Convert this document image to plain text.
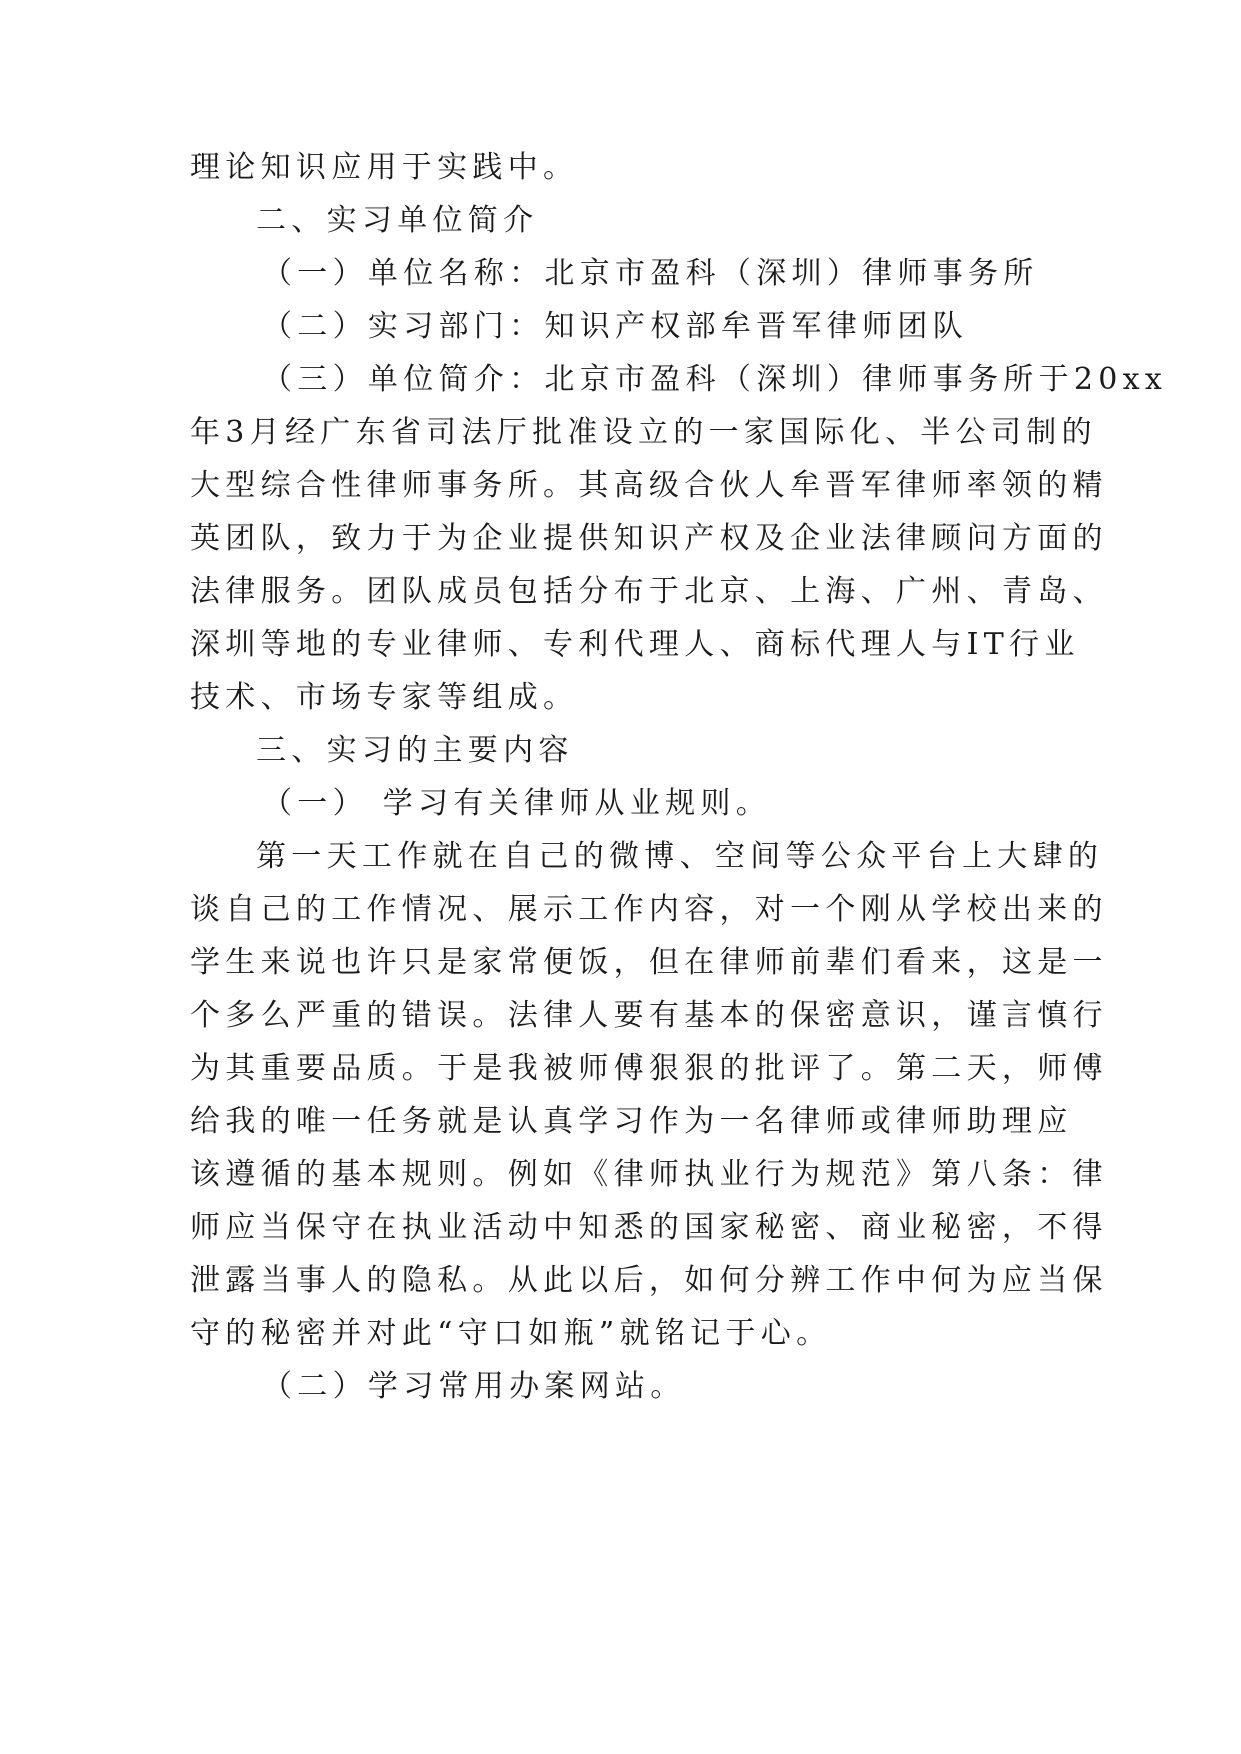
理论知识应用于实践中。
二、实习单位简介
（一）单位名称：北京市盈科（深圳）律师事务所
（二）实习部门：知识产权部牟晋军律师团队
（三）单位简介：北京市盈科（深圳）律师事务所于20xx
年3月经广东省司法厅批准设立的一家国际化、半公司制的
大型综合性律师事务所。其高级合伙人牟晋军律师率领的精
英团队，致力于为企业提供知识产权及企业法律顾问方面的
法律服务。团队成员包括分布于北京、上海、广州、青岛、
深圳等地的专业律师、专利代理人、商标代理人与IT行业
技术、市场专家等组成。
三、实习的主要内容
（一） 学习有关律师从业规则。
第一天工作就在自己的微博、空间等公众平台上大肆的
谈自己的工作情况、展示工作内容，对一个刚从学校出来的
学生来说也许只是家常便饭，但在律师前辈们看来，这是一
个多么严重的错误。法律人要有基本的保密意识，谨言慎行
为其重要品质。于是我被师傅狠狠的批评了。第二天，师傅
给我的唯一任务就是认真学习作为一名律师或律师助理应
该遵循的基本规则。例如《律师执业行为规范》第八条：律
师应当保守在执业活动中知悉的国家秘密、商业秘密，不得
泄露当事人的隐私。从此以后，如何分辨工作中何为应当保
守的秘密并对此“守口如瓶”就铭记于心。
（二）学习常用办案网站。
